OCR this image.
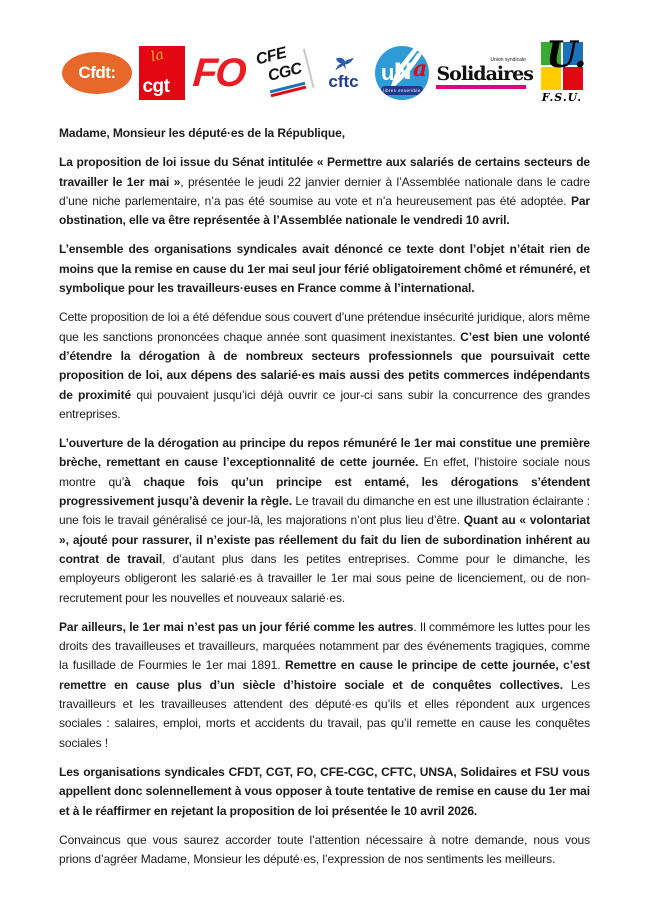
Cfdt:
la
cgt FO CFE
CGC cftc u N a
libres ensemble
Union syndicale
Solidaires U.
F.S.U.

Madame, Monsieur les député·es de la République,

La proposition de loi issue du Sénat intitulée « Permettre aux salariés de certains secteurs de travailler le 1er mai », présentée le jeudi 22 janvier dernier à l’Assemblée nationale dans le cadre d’une niche parlementaire, n’a pas été soumise au vote et n’a heureusement pas été adoptée. Par obstination, elle va être représentée à l’Assemblée nationale le vendredi 10 avril.

L’ensemble des organisations syndicales avait dénoncé ce texte dont l’objet n’était rien de moins que la remise en cause du 1er mai seul jour férié obligatoirement chômé et rémunéré, et symbolique pour les travailleurs·euses en France comme à l’international.

Cette proposition de loi a été défendue sous couvert d’une prétendue insécurité juridique, alors même que les sanctions prononcées chaque année sont quasiment inexistantes. C’est bien une volonté d’étendre la dérogation à de nombreux secteurs professionnels que poursuivait cette proposition de loi, aux dépens des salarié·es mais aussi des petits commerces indépendants de proximité qui pouvaient jusqu’ici déjà ouvrir ce jour-ci sans subir la concurrence des grandes entreprises.

L’ouverture de la dérogation au principe du repos rémunéré le 1er mai constitue une première brèche, remettant en cause l’exceptionnalité de cette journée. En effet, l’histoire sociale nous montre qu’à chaque fois qu’un principe est entamé, les dérogations s’étendent progressivement jusqu’à devenir la règle. Le travail du dimanche en est une illustration éclairante : une fois le travail généralisé ce jour-là, les majorations n’ont plus lieu d’être. Quant au « volontariat », ajouté pour rassurer, il n’existe pas réellement du fait du lien de subordination inhérent au contrat de travail, d’autant plus dans les petites entreprises. Comme pour le dimanche, les employeurs obligeront les salarié·es à travailler le 1er mai sous peine de licenciement, ou de non-recrutement pour les nouvelles et nouveaux salarié·es.

Par ailleurs, le 1er mai n’est pas un jour férié comme les autres. Il commémore les luttes pour les droits des travailleuses et travailleurs, marquées notamment par des événements tragiques, comme la fusillade de Fourmies le 1er mai 1891. Remettre en cause le principe de cette journée, c’est remettre en cause plus d’un siècle d’histoire sociale et de conquêtes collectives. Les travailleurs et les travailleuses attendent des député·es qu’ils et elles répondent aux urgences sociales : salaires, emploi, morts et accidents du travail, pas qu’il remette en cause les conquêtes sociales !

Les organisations syndicales CFDT, CGT, FO, CFE-CGC, CFTC, UNSA, Solidaires et FSU vous appellent donc solennellement à vous opposer à toute tentative de remise en cause du 1er mai et à le réaffirmer en rejetant la proposition de loi présentée le 10 avril 2026.

Convaincus que vous saurez accorder toute l’attention nécessaire à notre demande, nous vous prions d’agréer Madame, Monsieur les député·es, l’expression de nos sentiments les meilleurs.
